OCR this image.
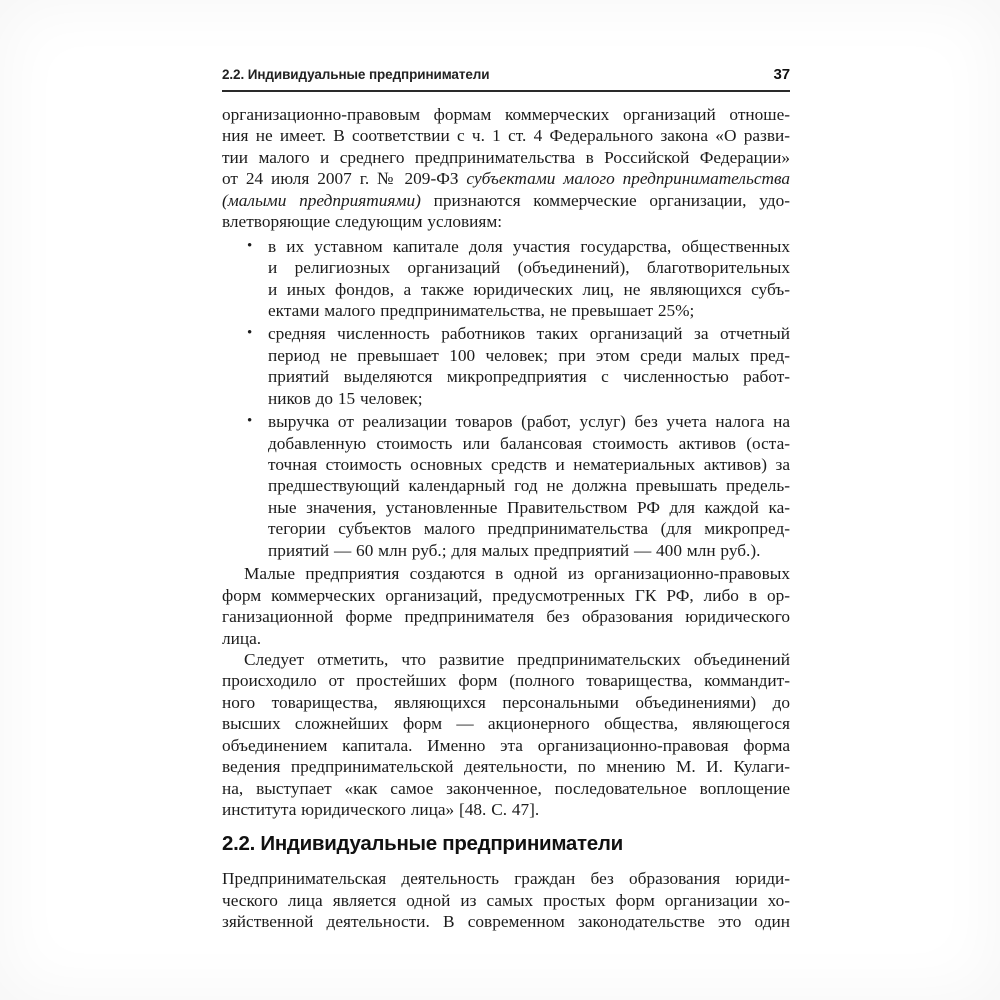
2.2. Индивидуальные предприниматели	37
организационно-правовым формам коммерческих организаций отноше-
ния не имеет. В соответствии с ч. 1 ст. 4 Федерального закона «О разви-
тии малого и среднего предпринимательства в Российской Федерации»
от 24 июля 2007 г. № 209-ФЗ субъектами малого предпринимательства
(малыми предприятиями) признаются коммерческие организации, удо-
влетворяющие следующим условиям:
• в их уставном капитале доля участия государства, общественных
и религиозных организаций (объединений), благотворительных
и иных фондов, а также юридических лиц, не являющихся субъ-
ектами малого предпринимательства, не превышает 25%;
• средняя численность работников таких организаций за отчетный
период не превышает 100 человек; при этом среди малых пред-
приятий выделяются микропредприятия с численностью работ-
ников до 15 человек;
• выручка от реализации товаров (работ, услуг) без учета налога на
добавленную стоимость или балансовая стоимость активов (оста-
точная стоимость основных средств и нематериальных активов) за
предшествующий календарный год не должна превышать предель-
ные значения, установленные Правительством РФ для каждой ка-
тегории субъектов малого предпринимательства (для микропред-
приятий — 60 млн руб.; для малых предприятий — 400 млн руб.).
Малые предприятия создаются в одной из организационно-правовых
форм коммерческих организаций, предусмотренных ГК РФ, либо в ор-
ганизационной форме предпринимателя без образования юридического
лица.
Следует отметить, что развитие предпринимательских объединений
происходило от простейших форм (полного товарищества, коммандит-
ного товарищества, являющихся персональными объединениями) до
высших сложнейших форм — акционерного общества, являющегося
объединением капитала. Именно эта организационно-правовая форма
ведения предпринимательской деятельности, по мнению М. И. Кулаги-
на, выступает «как самое законченное, последовательное воплощение
института юридического лица» [48. С. 47].
2.2. Индивидуальные предприниматели
Предпринимательская деятельность граждан без образования юриди-
ческого лица является одной из самых простых форм организации хо-
зяйственной деятельности. В современном законодательстве это один
